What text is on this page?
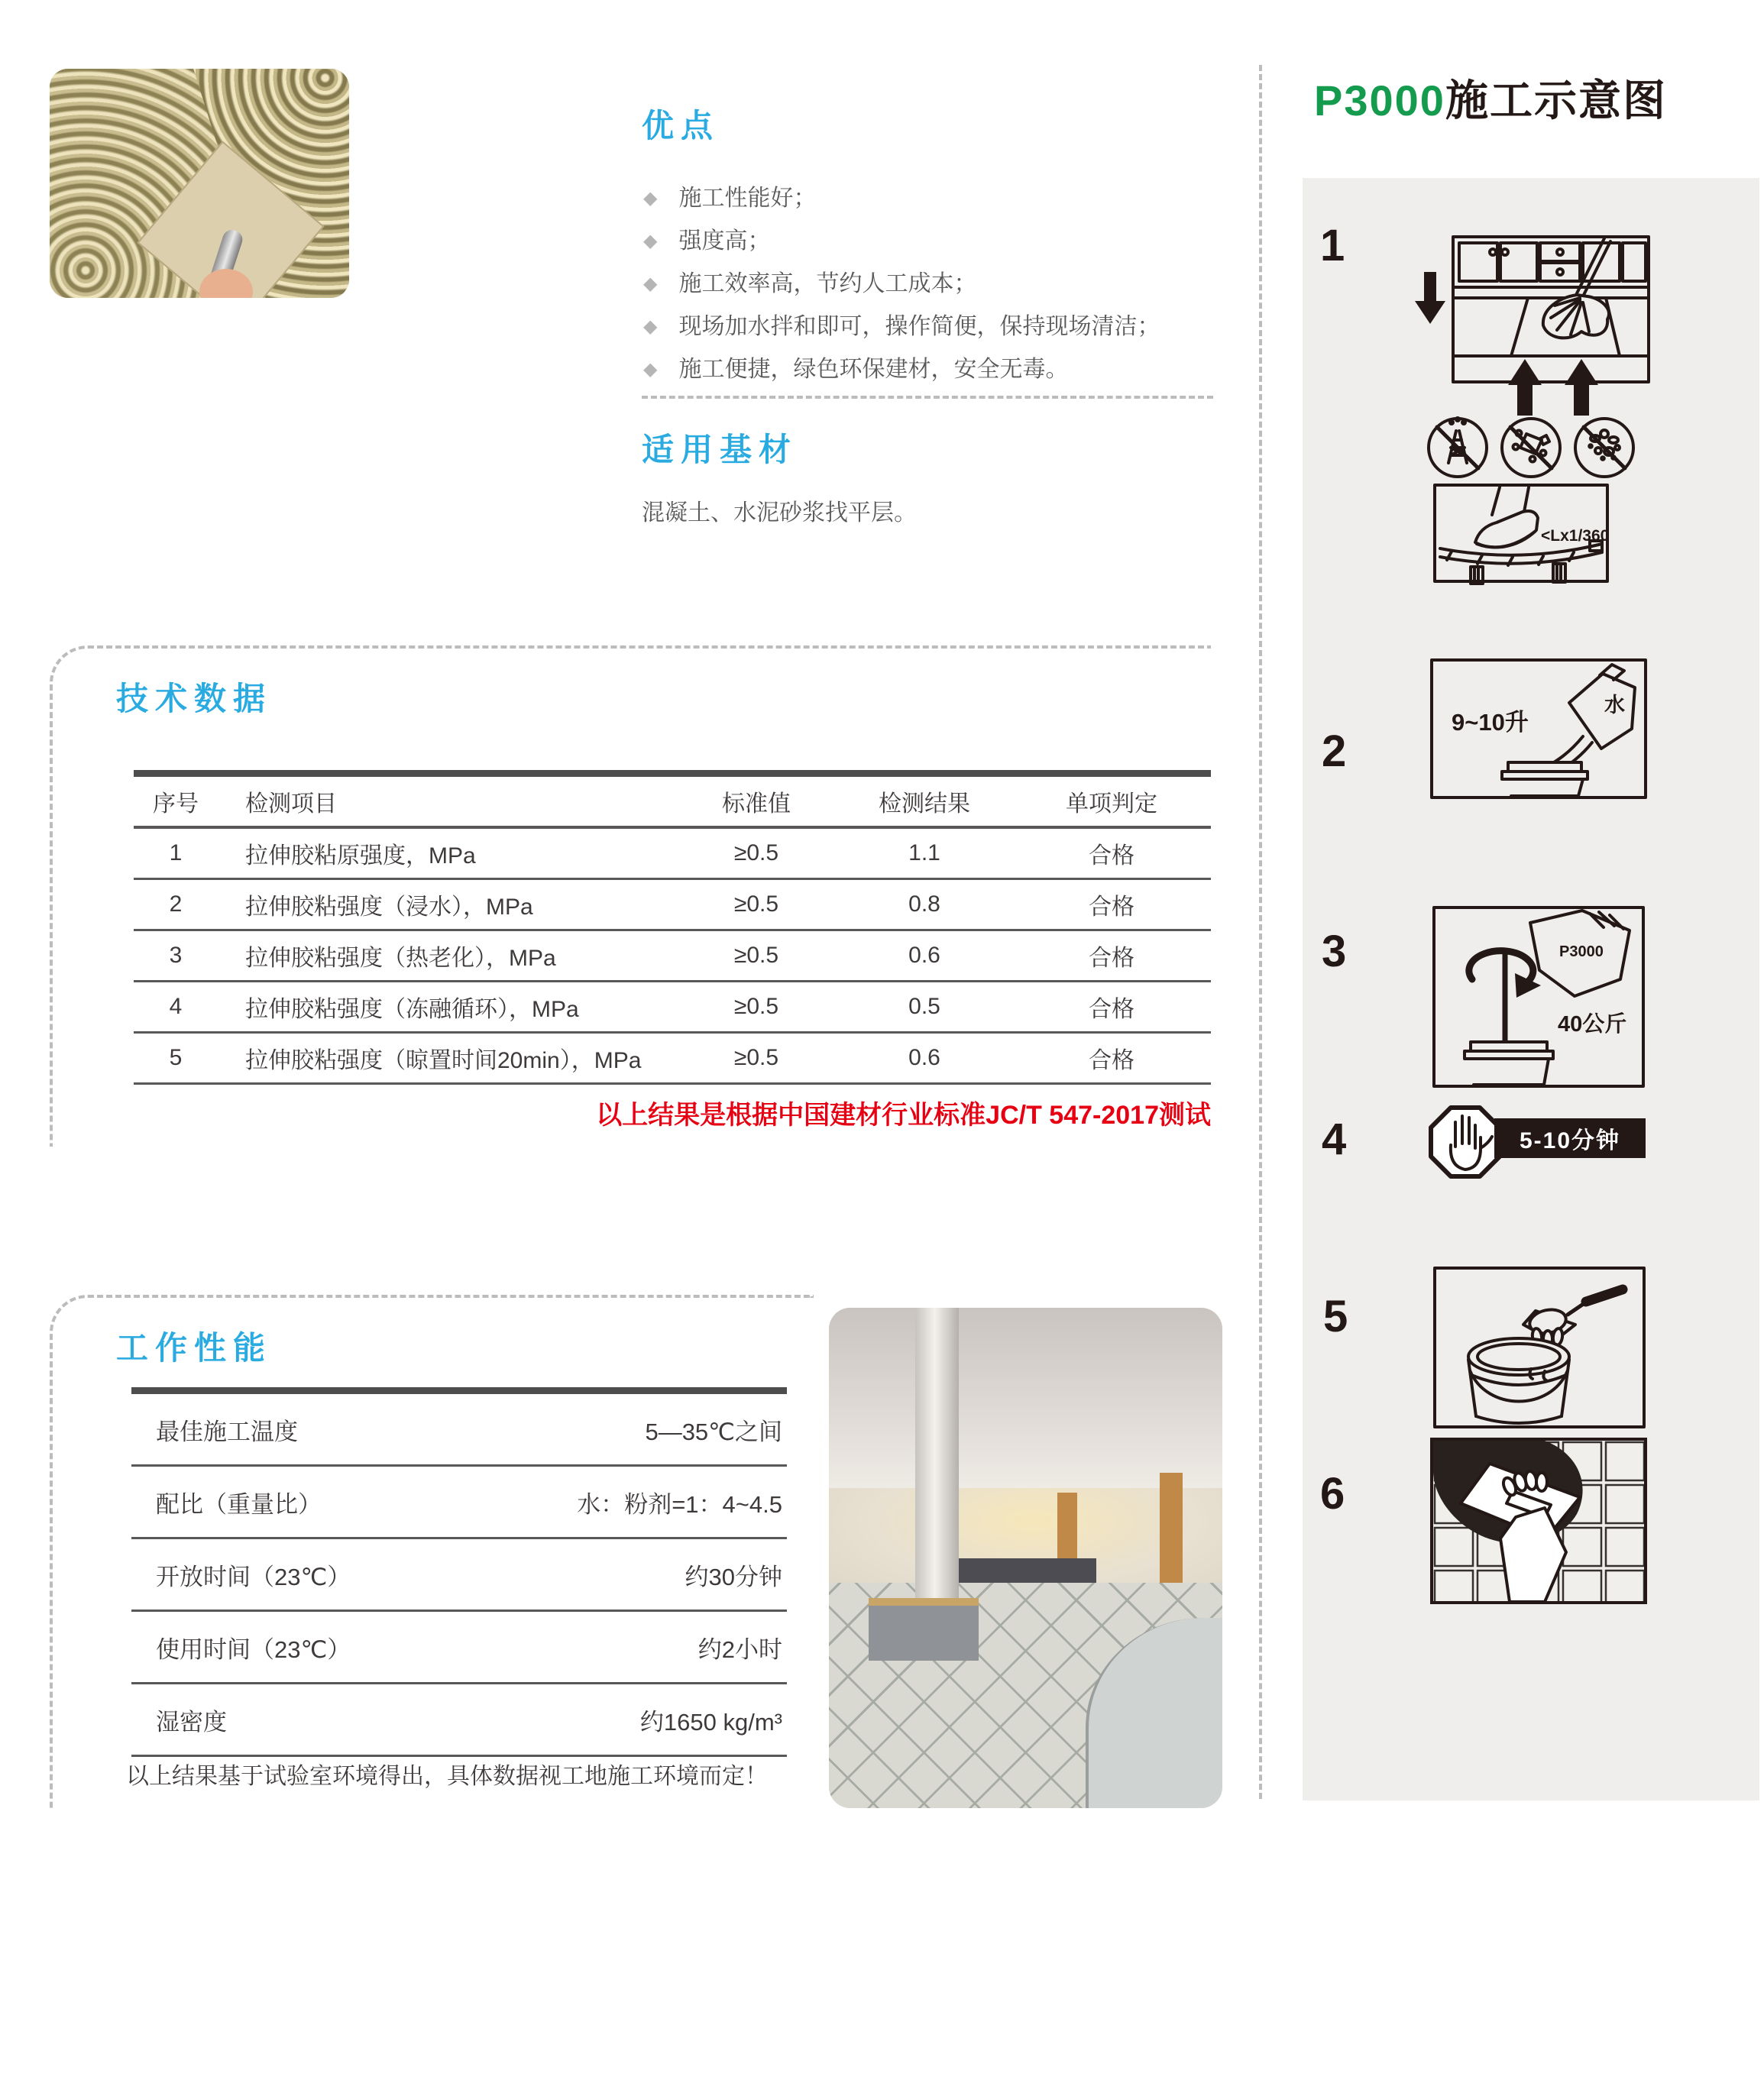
优点
◆ 施工性能好；
◆ 强度高；
◆ 施工效率高，节约人工成本；
◆ 现场加水拌和即可，操作简便，保持现场清洁；
◆ 施工便捷，绿色环保建材，安全无毒。
适用基材
混凝土、水泥砂浆找平层。
技术数据
序号	检测项目	标准值	检测结果	单项判定
1	拉伸胶粘原强度，MPa	≥0.5	1.1	合格
2	拉伸胶粘强度（浸水），MPa	≥0.5	0.8	合格
3	拉伸胶粘强度（热老化），MPa	≥0.5	0.6	合格
4	拉伸胶粘强度（冻融循环），MPa	≥0.5	0.5	合格
5	拉伸胶粘强度（晾置时间20min），MPa	≥0.5	0.6	合格
以上结果是根据中国建材行业标准JC/T 547-2017测试
工作性能
最佳施工温度	5—35℃之间
配比（重量比）	水：粉剂=1：4~4.5
开放时间（23℃）	约30分钟
使用时间（23℃）	约2小时
湿密度	约1650 kg/m³
以上结果基于试验室环境得出，具体数据视工地施工环境而定！
P3000施工示意图
1
<Lx1/360
2
9~10升
水
3	P3000
40公斤
4	5-10分钟
5
6
